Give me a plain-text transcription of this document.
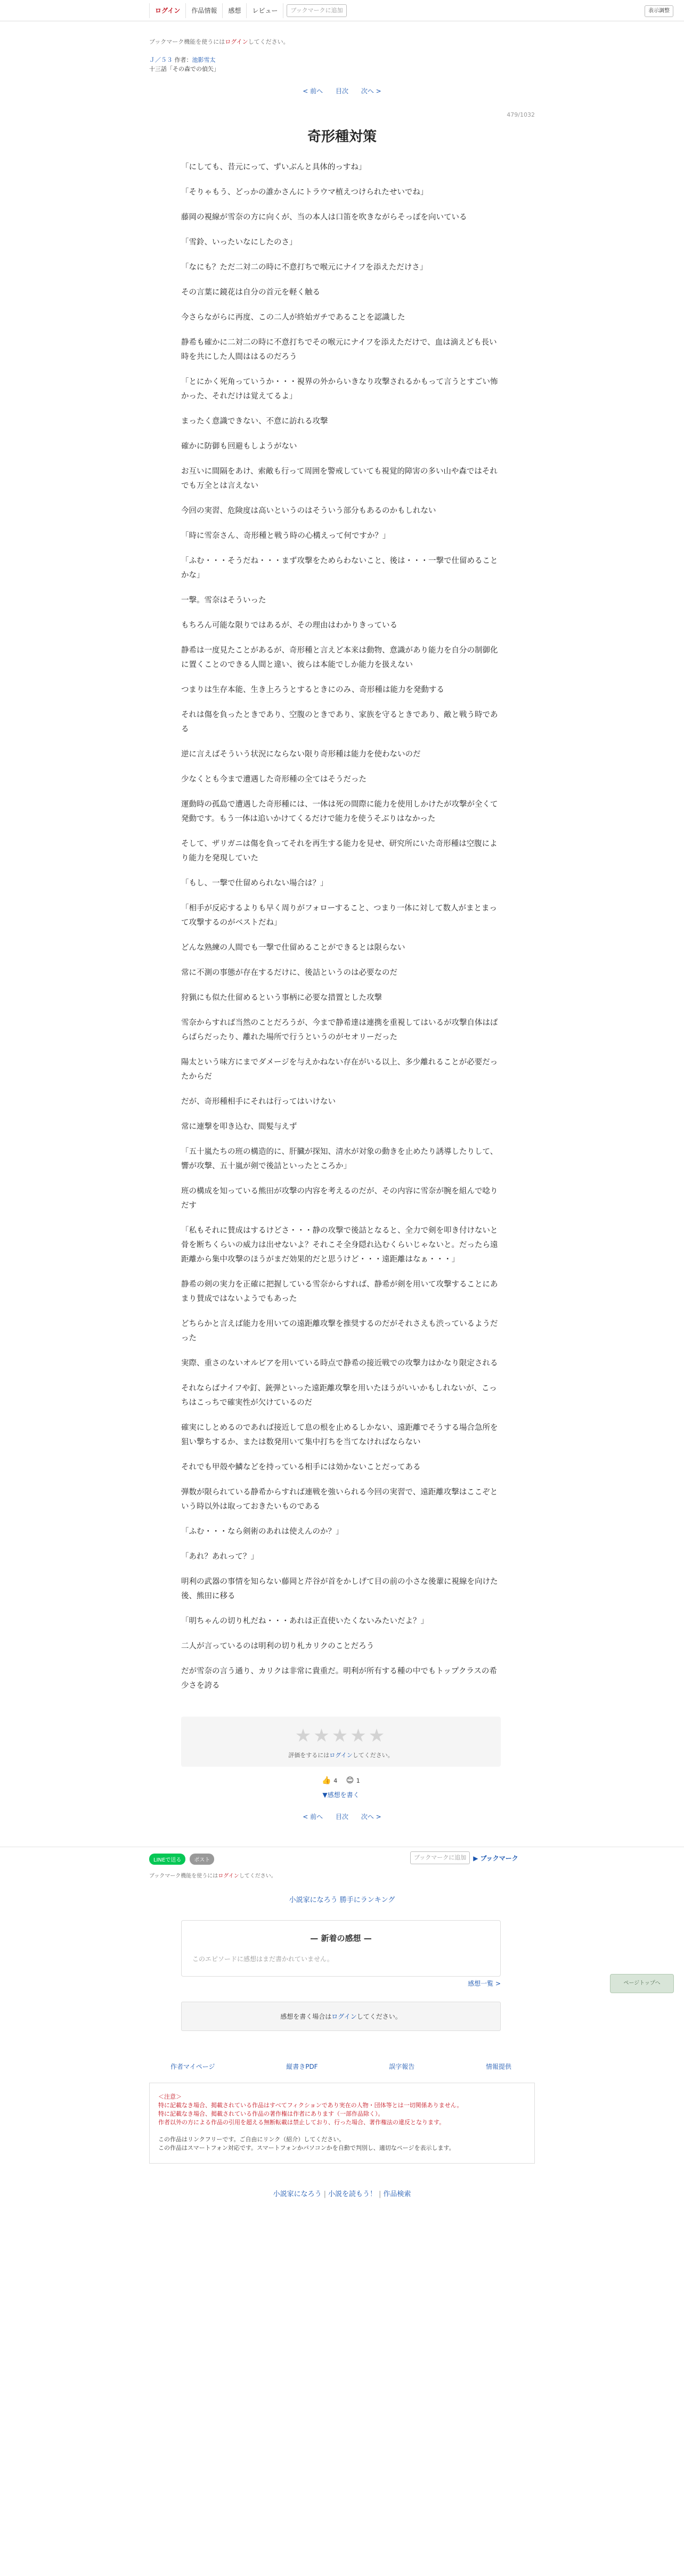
ログイン	作品情報	感想	レビュー	ブックマークに追加	表示調整
ブックマーク機能を使うにはログインしてください。
Ｊ／５３ 作者：池影雪太
十三話「その森での偵矢」
< 前へ 目次 次へ >
479/1032
奇形種対策

「にしても、昔元にって、ずいぶんと具体的っすね」

「そりゃもう、どっかの誰かさんにトラウマ植えつけられたせいでね」

藤岡の視線が雪奈の方に向くが、当の本人は口笛を吹きながらそっぽを向いている

「雪鈴、いったいなにしたのさ」

「なにも？ただ二対二の時に不意打ちで喉元にナイフを添えただけさ」

その言葉に鏡花は自分の首元を軽く触る

今さらながらに再度、この二人が終始ガチであることを認識した

静希も確かに二対二の時に不意打ちでその喉元にナイフを添えただけで、血は滴えども長い時を共にした人間ははるのだろう

「とにかく死角っていうか・・・視界の外からいきなり攻撃されるかもって言うとすごい怖かった、それだけは覚えてるよ」

まったく意識できない、不意に訪れる攻撃

確かに防御も回避もしようがない

お互いに間隔をあけ、索敵も行って周囲を警戒していても視覚的障害の多い山や森ではそれでも万全とは言えない

今回の実習、危険度は高いというのはそういう部分もあるのかもしれない

「時に雪奈さん、奇形種と戦う時の心構えって何ですか？」

「ふむ・・・そうだね・・・まず攻撃をためらわないこと、後は・・・一撃で仕留めることかな」

一撃。雪奈はそういった

もちろん可能な限りではあるが、その理由はわかりきっている

静希は一度見たことがあるが、奇形種と言えど本来は動物、意識があり能力を自分の制御化に置くことのできる人間と違い、彼らは本能でしか能力を扱えない

つまりは生存本能、生き上ろうとするときにのみ、奇形種は能力を発動する

それは傷を負ったときであり、空腹のときであり、家族を守るときであり、敵と戦う時である

逆に言えばそういう状況にならない限り奇形種は能力を使わないのだ

少なくとも今まで遭遇した奇形種の全てはそうだった

運動時の孤島で遭遇した奇形種には、一体は死の間際に能力を使用しかけたが攻撃が全くて発動です。もう一体は追いかけてくるだけで能力を使うそぶりはなかった

そして、ザリガニは傷を負ってそれを再生する能力を見せ、研究所にいた奇形種は空腹により能力を発現していた

「もし、一撃で仕留められない場合は？」

「相手が反応するよりも早く周りがフォローすること、つまり一体に対して数人がまとまって攻撃するのがベストだね」

どんな熟練の人間でも一撃で仕留めることができるとは限らない

常に不測の事態が存在するだけに、後詰というのは必要なのだ

狩猟にも似た仕留めるという事柄に必要な措置とした攻撃

雪奈からすれば当然のことだろうが、今まで静希達は連携を重視してはいるが攻撃自体はばらばらだったり、離れた場所で行うというのがセオリーだった

陽太という味方にまでダメージを与えかねない存在がいる以上、多少離れることが必要だったからだ

だが、奇形種相手にそれは行ってはいけない

常に連撃を叩き込む、間髪与えず

「五十嵐たちの班の構造的に、肝臓が探知、清水が対象の動きを止めたり誘導したりして、響が攻撃、五十嵐が剣で後詰といったところか」

班の構成を知っている熊田が攻撃の内容を考えるのだが、その内容に雪奈が腕を組んで唸りだす

「私もそれに賛成はするけどさ・・・静の攻撃で後詰となると、全力で剣を叩き付けないと骨を断ちくらいの威力は出せないよ？それこそ全身隠れ込むくらいじゃないと。だったら遠距離から集中攻撃のほうがまだ効果的だと思うけど・・・遠距離はなぁ・・・」

静希の剣の実力を正確に把握している雪奈からすれば、静希が剣を用いて攻撃することにあまり賛成ではないようでもあった

どちらかと言えば能力を用いての遠距離攻撃を推奨するのだがそれさえも渋っているようだった

実際、重さのないオルビアを用いている時点で静希の接近戦での攻撃力はかなり限定される

それならばナイフや釘、銃弾といった遠距離攻撃を用いたほうがいいかもしれないが、こっちはこっちで確実性が欠けているのだ

確実にしとめるのであれば接近して息の根を止めるしかない、遠距離でそうする場合急所を狙い撃ちするか、または数発用いて集中打ちを当てなければならない

それでも甲殻や鱗などを持っている相手には効かないことだってある

弾数が限られている静希からすれば連戦を強いられる今回の実習で、遠距離攻撃はここぞという時以外は取っておきたいものである

「ふむ・・・なら剣術のあれは使えんのか？」

「あれ？あれって？」

明利の武器の事情を知らない藤岡と芹谷が首をかしげて目の前の小さな後輩に視線を向けた後、熊田に移る

「明ちゃんの切り札だね・・・あれは正直使いたくないみたいだよ？」

二人が言っているのは明利の切り札カリクのことだろう

だが雪奈の言う通り、カリクは非常に貴重だ。明利が所有する種の中でもトップクラスの希少さを誇る

★★★★★
評価をするにはログインしてください。
👍 4 😊 1
▼感想を書く
< 前へ 目次 次へ >
LINEで送る	ポスト	ブックマークに追加	▶ ブックマーク
ブックマーク機能を使うにはログインしてください。
小説家になろう 勝手にランキング
— 新着の感想 —
このエピソードに感想はまだ書かれていません。
感想一覧 >
感想を書く場合はログインしてください。
作者マイページ	縦書きPDF	誤字報告	情報提供
＜注意＞
特に記載なき場合、掲載されている作品はすべてフィクションであり実在の人物・団体等とは一切関係ありません。
特に記載なき場合、掲載されている作品の著作権は作者にあります（一部作品除く）。
作者以外の方による作品の引用を超える無断転載は禁止しており、行った場合、著作権法の違反となります。
この作品はリンクフリーです。ご自由にリンク（紹介）してください。
この作品はスマートフォン対応です。スマートフォンかパソコンかを自動で判別し、適切なページを表示します。
小説家になろう | 小説を読もう！ | 作品検索
ページトップへ
